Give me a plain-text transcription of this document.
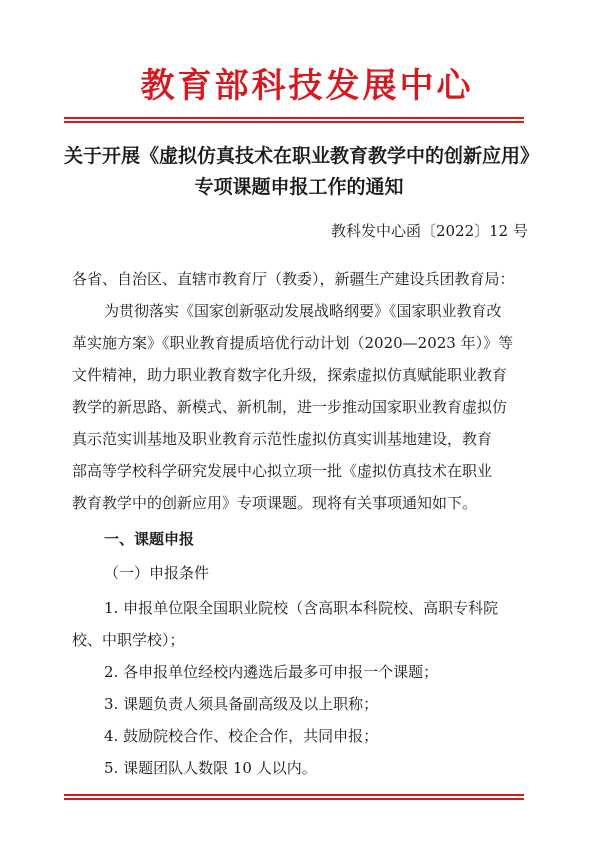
教育部科技发展中心
关于开展《虚拟仿真技术在职业教育教学中的创新应用》
专项课题申报工作的通知
教科发中心函〔2022〕12 号
各省、自治区、直辖市教育厅（教委），新疆生产建设兵团教育局：
为贯彻落实《国家创新驱动发展战略纲要》《国家职业教育改
革实施方案》《职业教育提质培优行动计划（2020—2023 年）》等
文件精神，助力职业教育数字化升级，探索虚拟仿真赋能职业教育
教学的新思路、新模式、新机制，进一步推动国家职业教育虚拟仿
真示范实训基地及职业教育示范性虚拟仿真实训基地建设，教育
部高等学校科学研究发展中心拟立项一批《虚拟仿真技术在职业
教育教学中的创新应用》专项课题。现将有关事项通知如下。
一、课题申报
（一）申报条件
1. 申报单位限全国职业院校（含高职本科院校、高职专科院
校、中职学校）；
2. 各申报单位经校内遴选后最多可申报一个课题；
3. 课题负责人须具备副高级及以上职称；
4. 鼓励院校合作、校企合作，共同申报；
5. 课题团队人数限 10 人以内。
